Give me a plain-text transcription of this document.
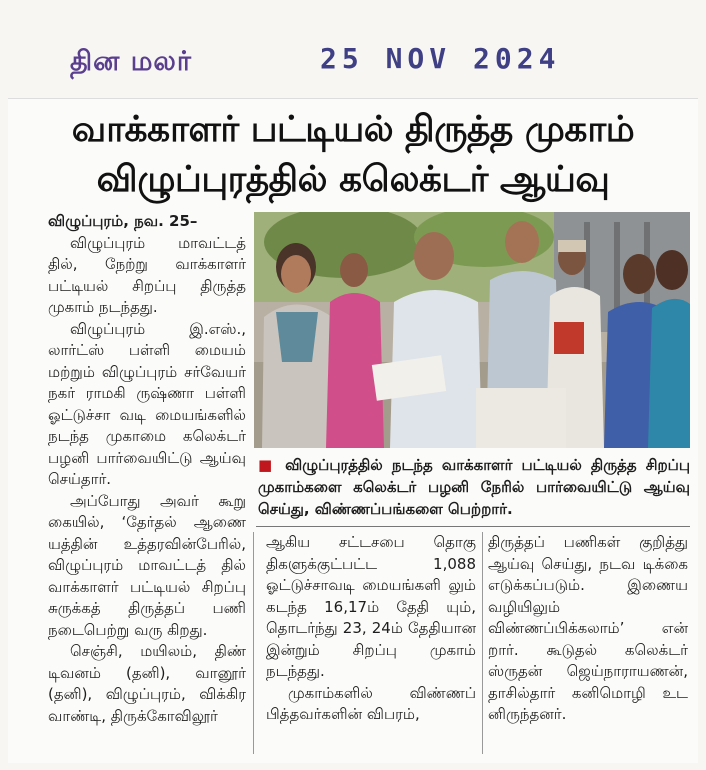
தின மலர்	25 NOV 2024
வாக்காளர் பட்டியல் திருத்த முகாம்
விழுப்புரத்தில் கலெக்டர் ஆய்வு

விழுப்புரம், நவ. 25–

விழுப்புரம் மாவட்டத் தில், நேற்று வாக்காளர் பட்டியல் சிறப்பு திருத்த முகாம் நடந்தது.

விழுப்புரம் இ.எஸ்., லார்ட்ஸ் பள்ளி மையம் மற்றும் விழுப்புரம் சர்வேயர் நகர் ராமகி ருஷ்ணா பள்ளி ஓட்டுச்சா வடி மையங்களில் நடந்த முகாமை கலெக்டர் பழனி பார்வையிட்டு ஆய்வு செய்தார்.

அப்போது அவர் கூறு கையில், ‘தேர்தல் ஆணை யத்தின் உத்தரவின்பேரில், விழுப்புரம் மாவட்டத் தில் வாக்காளர் பட்டியல் சிறப்பு சுருக்கத் திருத்தப் பணி நடைபெற்று வரு கிறது.

செஞ்சி, மயிலம், திண் டிவனம் (தனி), வானூர் (தனி), விழுப்புரம், விக்கிர வாண்டி, திருக்கோவிலூர்

■ விழுப்புரத்தில் நடந்த வாக்காளர் பட்டியல் திருத்த சிறப்பு முகாம்களை கலெக்டர் பழனி நேரில் பார்வையிட்டு ஆய்வு செய்து, விண்ணப்பங்களை பெற்றார்.

ஆகிய சட்டசபை தொகு திகளுக்குட்பட்ட 1,088 ஓட்டுச்சாவடி மையங்களி லும் கடந்த 16,17ம் தேதி யும், தொடர்ந்து 23, 24ம் தேதியான இன்றும் சிறப்பு முகாம் நடந்தது.

முகாம்களில் விண்ணப் பித்தவர்களின் விபரம்,

திருத்தப் பணிகள் குறித்து ஆய்வு செய்து, நடவ டிக்கை எடுக்கப்படும். இணைய வழியிலும் விண்ணப்பிக்கலாம்’ என் றார். கூடுதல் கலெக்டர் ஸ்ருதன் ஜெய்நாராயணன், தாசில்தார் கனிமொழி உட னிருந்தனர்.
